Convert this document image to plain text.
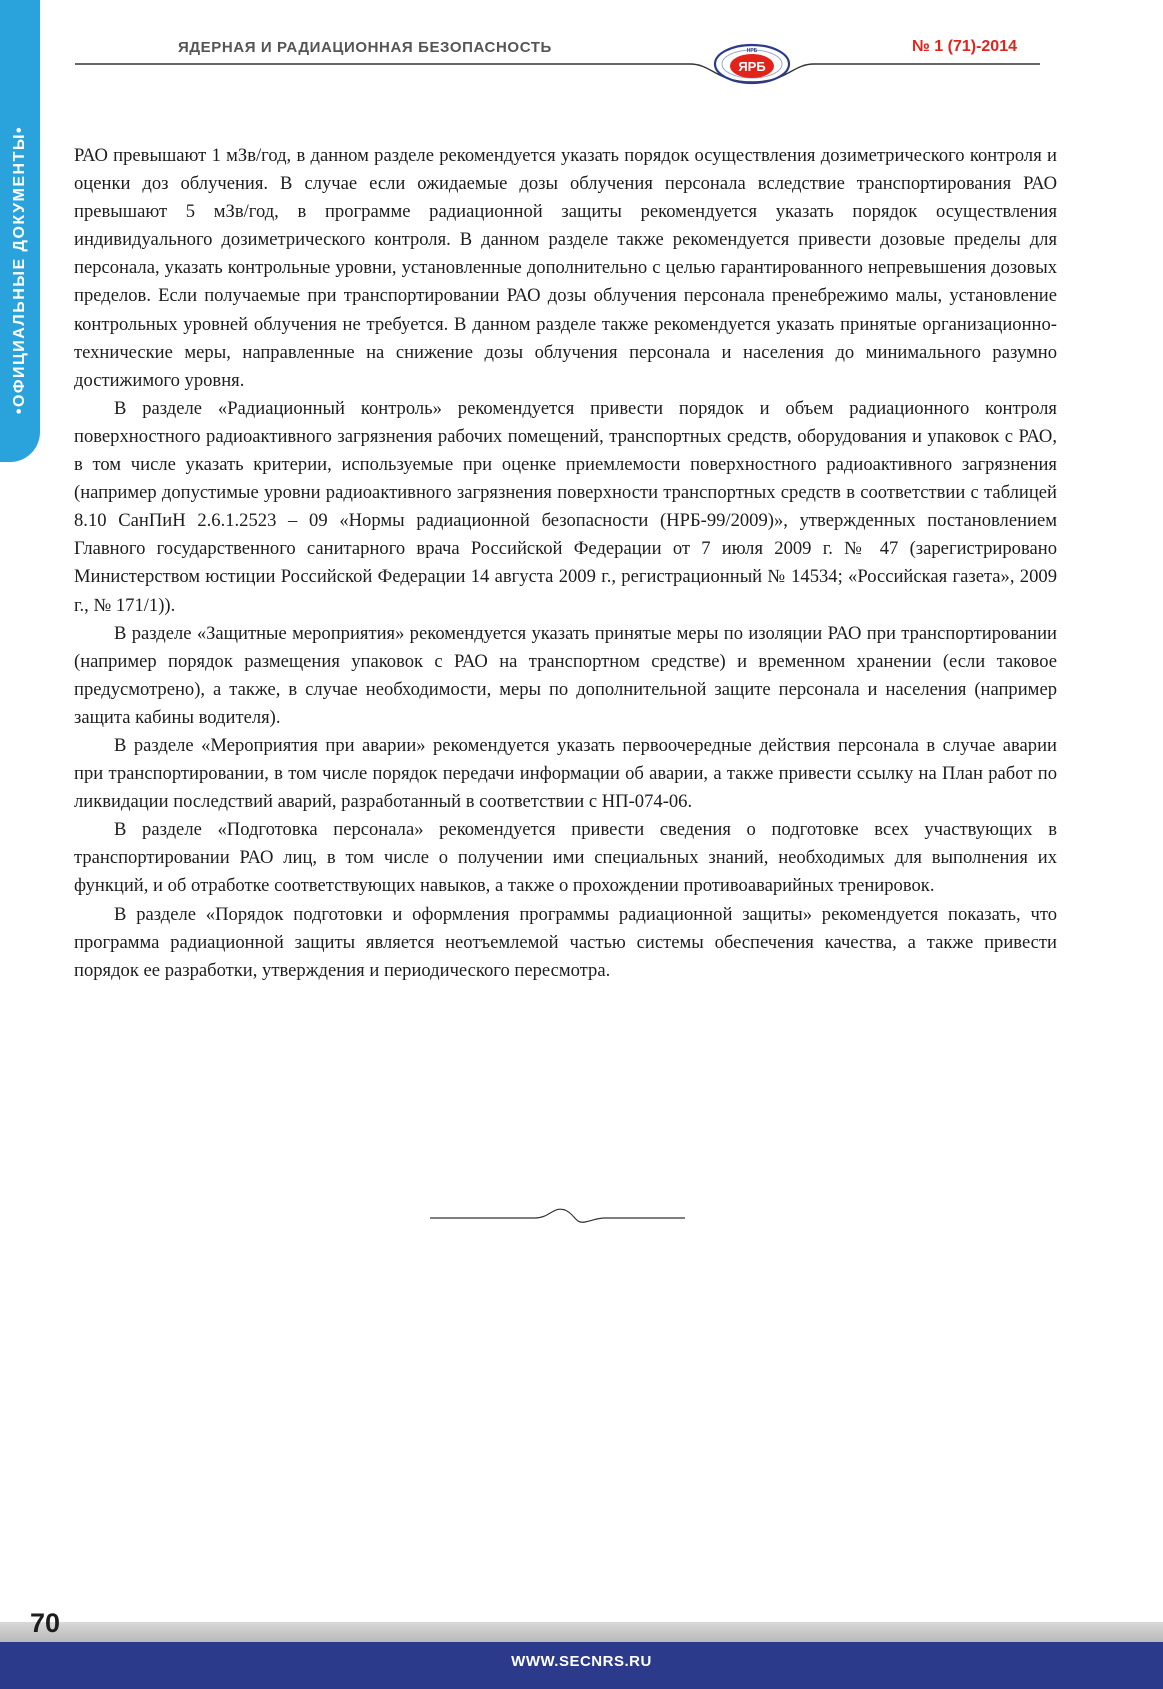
•ОФИЦИАЛЬНЫЕ ДОКУМЕНТЫ•
ЯДЕРНАЯ И РАДИАЦИОННАЯ БЕЗОПАСНОСТЬ	НРБ
ЯРБ
№ 1 (71)-2014

РАО превышают 1 мЗв/год, в данном разделе рекомендуется указать порядок осуществления дозиметрического контроля и оценки доз облучения. В случае если ожидаемые дозы облучения персонала вследствие транспортирования РАО превышают 5 мЗв/год, в программе радиационной защиты рекомендуется указать порядок осуществления индивидуального дозиметрического контроля. В данном разделе также рекомендуется привести дозовые пределы для персонала, указать контрольные уровни, установленные дополнительно с целью гарантированного непревышения дозовых пределов. Если получаемые при транспортировании РАО дозы облучения персонала пренебрежимо малы, установление контрольных уровней облучения не требуется. В данном разделе также рекомендуется указать принятые организационно-технические меры, направленные на снижение дозы облучения персонала и населения до минимального разумно достижимого уровня.

В разделе «Радиационный контроль» рекомендуется привести порядок и объем радиационного контроля поверхностного радиоактивного загрязнения рабочих помещений, транспортных средств, оборудования и упаковок с РАО, в том числе указать критерии, используемые при оценке приемлемости поверхностного радиоактивного загрязнения (например допустимые уровни радиоактивного загрязнения поверхности транспортных средств в соответствии с таблицей 8.10 СанПиН 2.6.1.2523 – 09 «Нормы радиационной безопасности (НРБ-99/2009)», утвержденных постановлением Главного государственного санитарного врача Российской Федерации от 7 июля 2009 г. № 47 (зарегистрировано Министерством юстиции Российской Федерации 14 августа 2009 г., регистрационный № 14534; «Российская газета», 2009 г., № 171/1)).

В разделе «Защитные мероприятия» рекомендуется указать принятые меры по изоляции РАО при транспортировании (например порядок размещения упаковок с РАО на транспортном средстве) и временном хранении (если таковое предусмотрено), а также, в случае необходимости, меры по дополнительной защите персонала и населения (например защита кабины водителя).

В разделе «Мероприятия при аварии» рекомендуется указать первоочередные действия персонала в случае аварии при транспортировании, в том числе порядок передачи информации об аварии, а также привести ссылку на План работ по ликвидации последствий аварий, разработанный в соответствии с НП-074-06.

В разделе «Подготовка персонала» рекомендуется привести сведения о подготовке всех участвующих в транспортировании РАО лиц, в том числе о получении ими специальных знаний, необходимых для выполнения их функций, и об отработке соответствующих навыков, а также о прохождении противоаварийных тренировок.

В разделе «Порядок подготовки и оформления программы радиационной защиты» рекомендуется показать, что программа радиационной защиты является неотъемлемой частью системы обеспечения качества, а также привести порядок ее разработки, утверждения и периодического пересмотра.

70
WWW.SECNRS.RU
